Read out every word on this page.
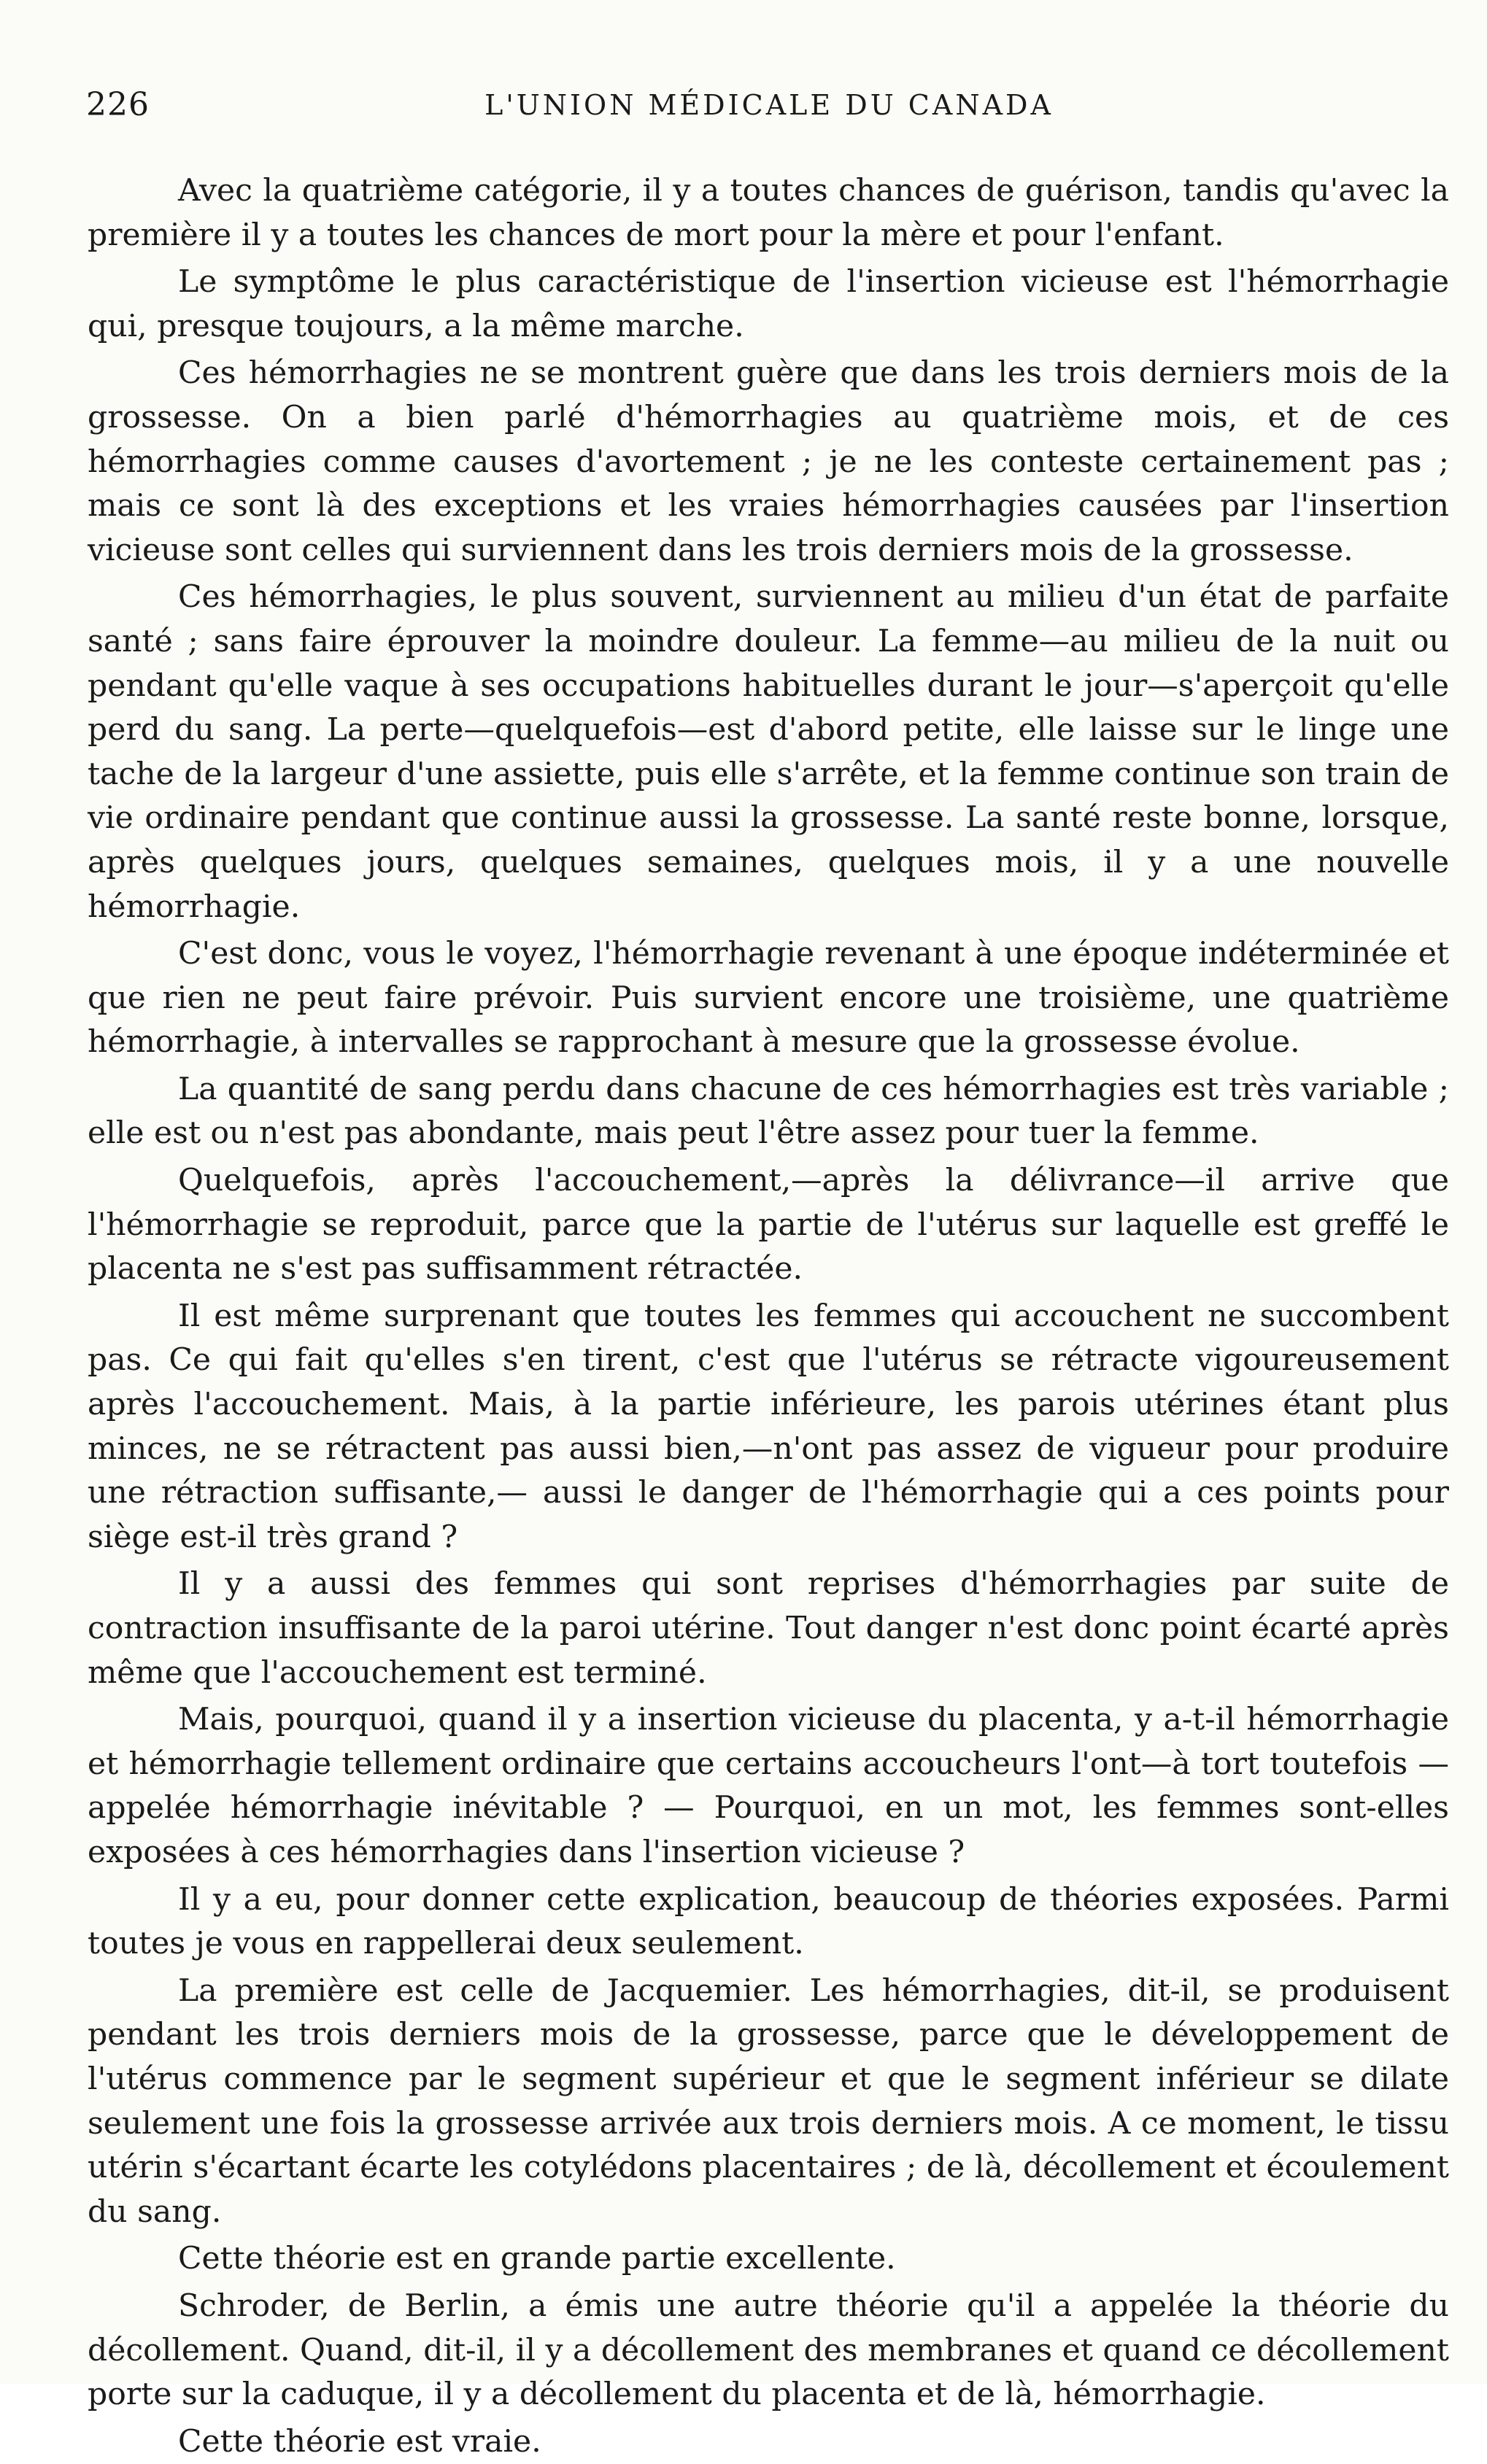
226	L'UNION MÉDICALE DU CANADA

Avec la quatrième catégorie, il y a toutes chances de guérison, tandis qu'avec la première il y a toutes les chances de mort pour la mère et pour l'enfant.

Le symptôme le plus caractéristique de l'insertion vicieuse est l'hémorrhagie qui, presque toujours, a la même marche.

Ces hémorrhagies ne se montrent guère que dans les trois derniers mois de la grossesse. On a bien parlé d'hémorrhagies au quatrième mois, et de ces hémorrhagies comme causes d'avortement ; je ne les conteste certainement pas ; mais ce sont là des exceptions et les vraies hémorrhagies causées par l'insertion vicieuse sont celles qui surviennent dans les trois derniers mois de la grossesse.

Ces hémorrhagies, le plus souvent, surviennent au milieu d'un état de parfaite santé ; sans faire éprouver la moindre douleur. La femme—au milieu de la nuit ou pendant qu'elle vaque à ses occupations habituelles durant le jour—s'aperçoit qu'elle perd du sang. La perte—quelquefois—est d'abord petite, elle laisse sur le linge une tache de la largeur d'une assiette, puis elle s'arrête, et la femme continue son train de vie ordinaire pendant que continue aussi la grossesse. La santé reste bonne, lorsque, après quelques jours, quelques semaines, quelques mois, il y a une nouvelle hémorrhagie.

C'est donc, vous le voyez, l'hémorrhagie revenant à une époque indéterminée et que rien ne peut faire prévoir. Puis survient encore une troisième, une quatrième hémorrhagie, à intervalles se rapprochant à mesure que la grossesse évolue.

La quantité de sang perdu dans chacune de ces hémorrhagies est très variable ; elle est ou n'est pas abondante, mais peut l'être assez pour tuer la femme.

Quelquefois, après l'accouchement,—après la délivrance—il arrive que l'hémorrhagie se reproduit, parce que la partie de l'utérus sur laquelle est greffé le placenta ne s'est pas suffisamment rétractée.

Il est même surprenant que toutes les femmes qui accouchent ne succombent pas. Ce qui fait qu'elles s'en tirent, c'est que l'utérus se rétracte vigoureusement après l'accouchement. Mais, à la partie inférieure, les parois utérines étant plus minces, ne se rétractent pas aussi bien,—n'ont pas assez de vigueur pour produire une rétraction suffisante,— aussi le danger de l'hémorrhagie qui a ces points pour siège est-il très grand ?

Il y a aussi des femmes qui sont reprises d'hémorrhagies par suite de contraction insuffisante de la paroi utérine. Tout danger n'est donc point écarté après même que l'accouchement est terminé.

Mais, pourquoi, quand il y a insertion vicieuse du placenta, y a-t-il hémorrhagie et hémorrhagie tellement ordinaire que certains accoucheurs l'ont—à tort toutefois —appelée hémorrhagie inévitable ? — Pourquoi, en un mot, les femmes sont-elles exposées à ces hémorrhagies dans l'insertion vicieuse ?

Il y a eu, pour donner cette explication, beaucoup de théories exposées. Parmi toutes je vous en rappellerai deux seulement.

La première est celle de Jacquemier. Les hémorrhagies, dit-il, se produisent pendant les trois derniers mois de la grossesse, parce que le développement de l'utérus commence par le segment supérieur et que le segment inférieur se dilate seulement une fois la grossesse arrivée aux trois derniers mois. A ce moment, le tissu utérin s'écartant écarte les cotylédons placentaires ; de là, décollement et écoulement du sang.

Cette théorie est en grande partie excellente.

Schroder, de Berlin, a émis une autre théorie qu'il a appelée la théorie du décollement. Quand, dit-il, il y a décollement des membranes et quand ce décollement porte sur la caduque, il y a décollement du placenta et de là, hémorrhagie.

Cette théorie est vraie.
